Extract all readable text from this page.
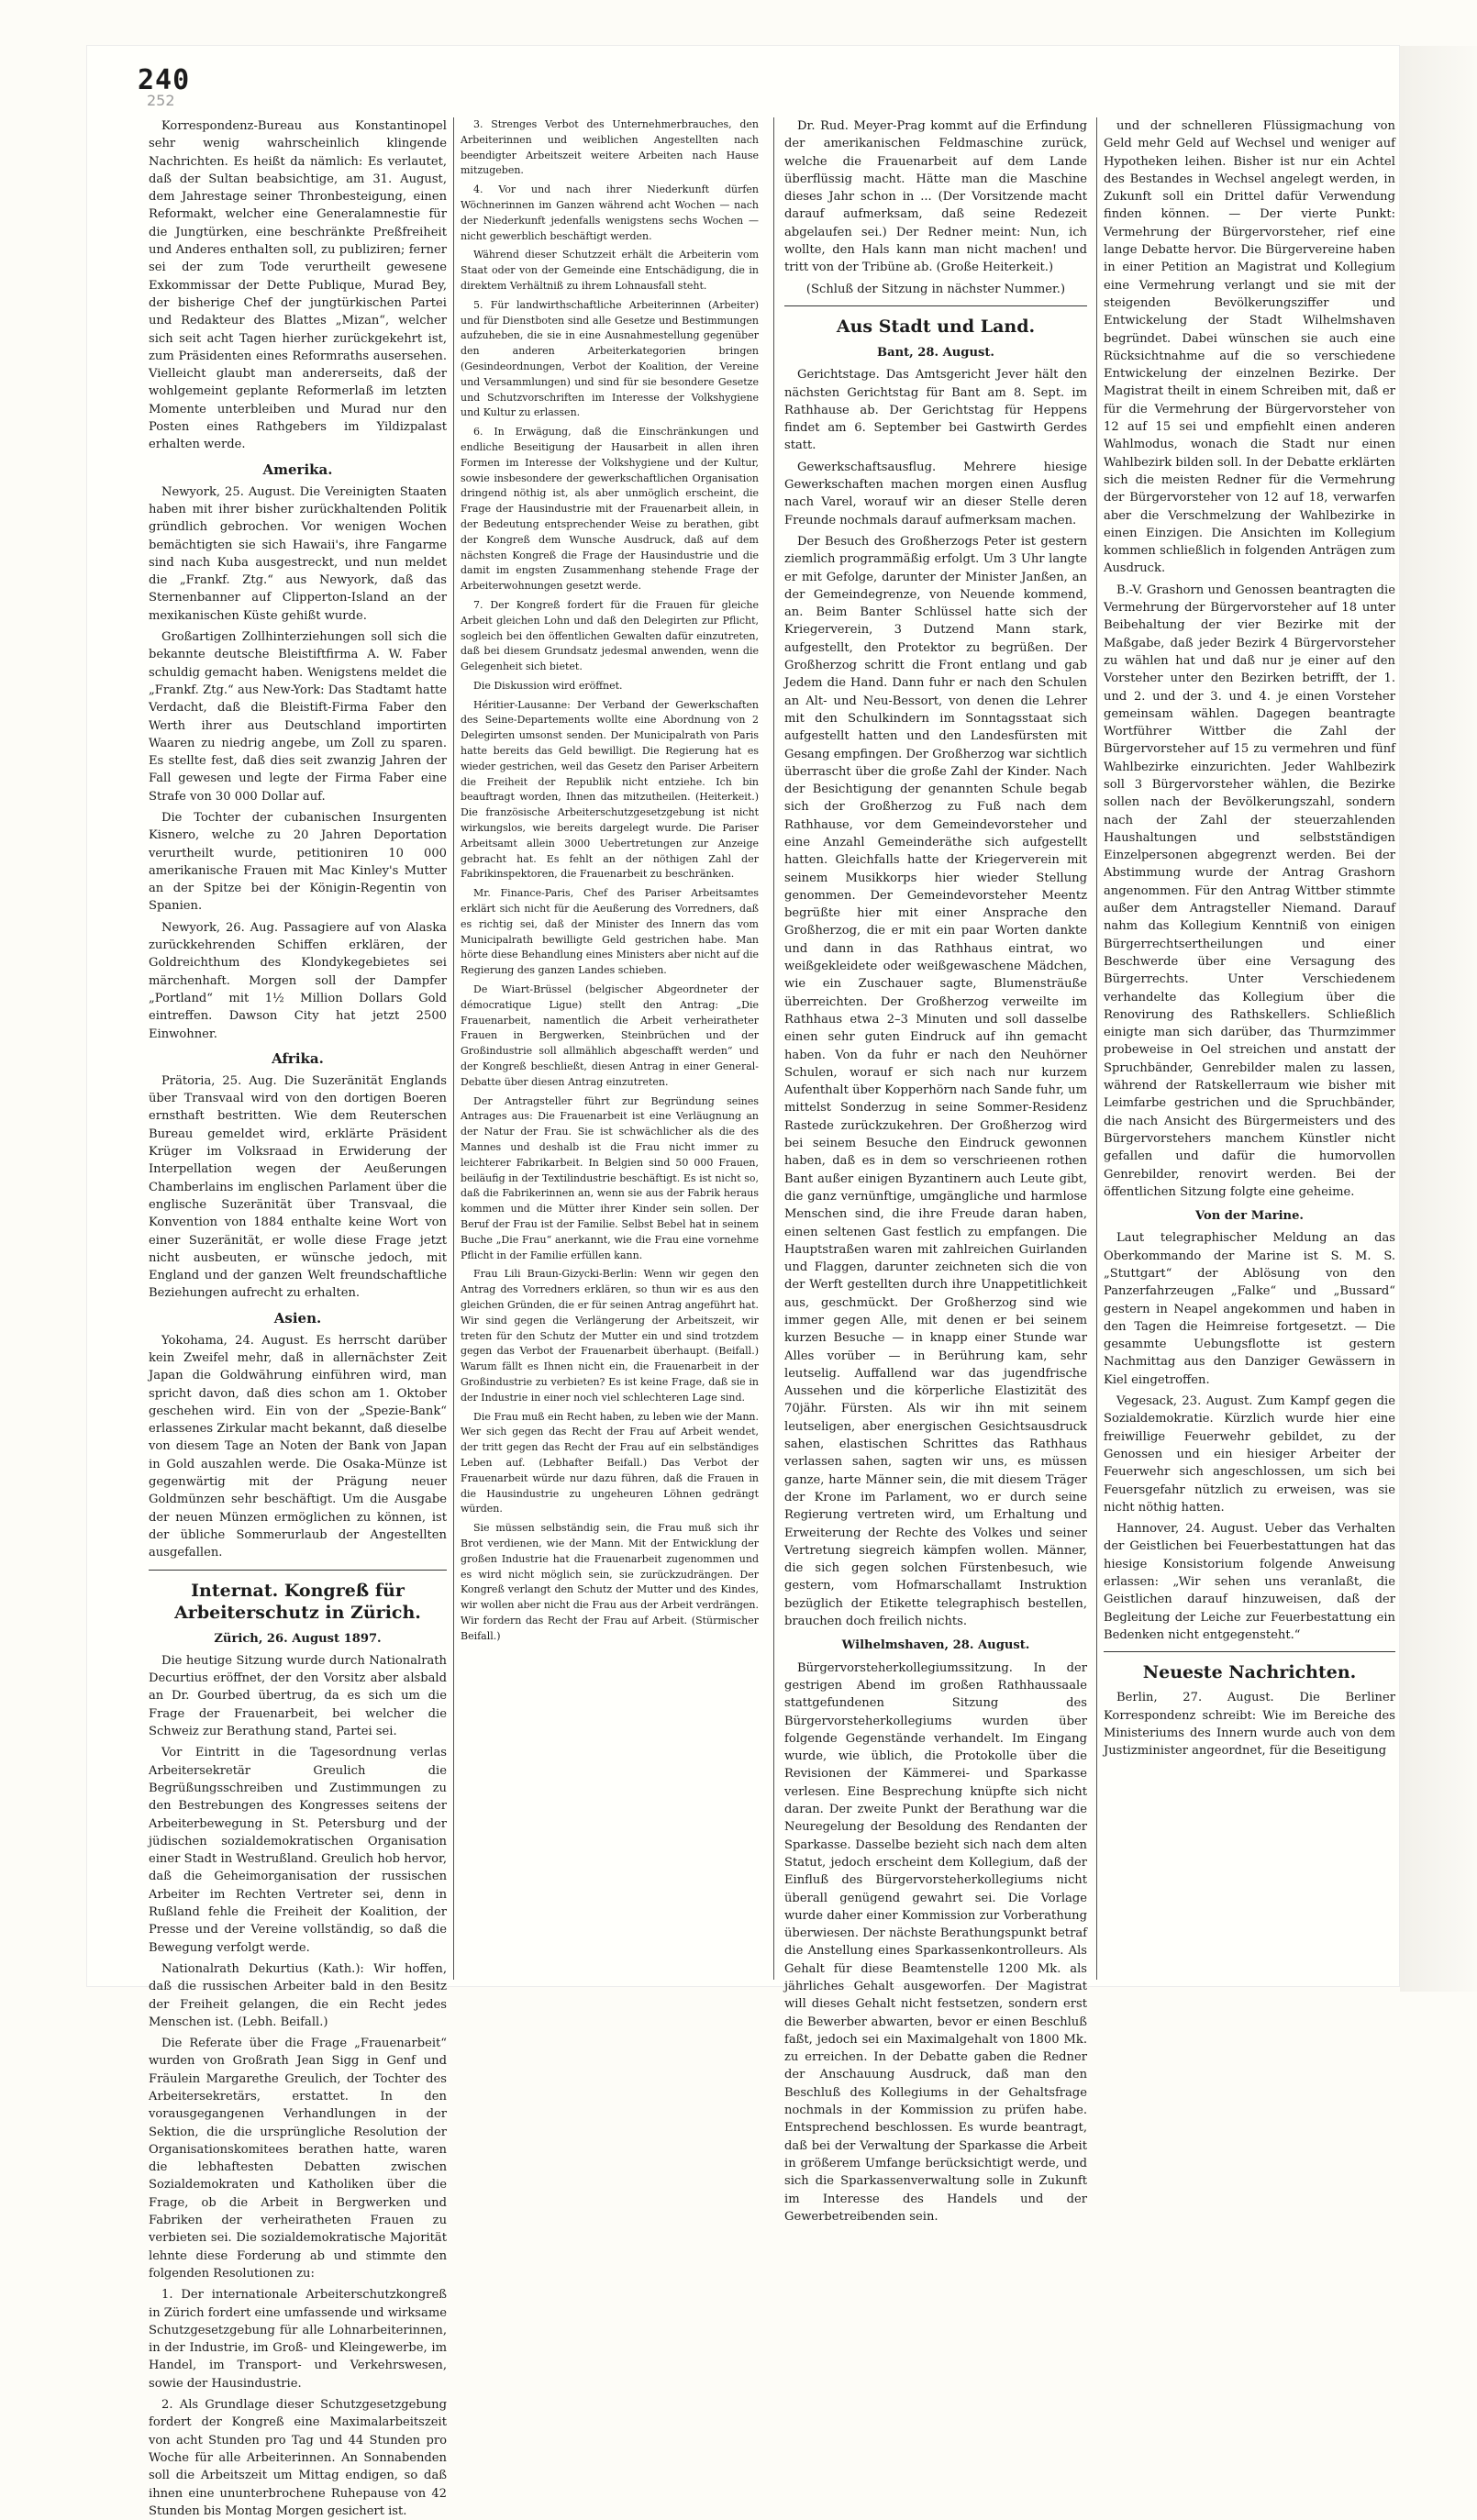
240
252

Korrespondenz-Bureau aus Konstantinopel sehr wenig wahrscheinlich klingende Nachrichten. Es heißt da nämlich: Es verlautet, daß der Sultan beabsichtige, am 31. August, dem Jahrestage seiner Thronbesteigung, einen Reformakt, welcher eine Generalamnestie für die Jungtürken, eine beschränkte Preßfreiheit und Anderes enthalten soll, zu publiziren; ferner sei der zum Tode verurtheilt gewesene Exkommissar der Dette Publique, Murad Bey, der bisherige Chef der jungtürkischen Partei und Redakteur des Blattes „Mizan“, welcher sich seit acht Tagen hierher zurückgekehrt ist, zum Präsidenten eines Reformraths ausersehen. Vielleicht glaubt man andererseits, daß der wohlgemeint geplante Reformerlaß im letzten Momente unterbleiben und Murad nur den Posten eines Rathgebers im Yildizpalast erhalten werde.

Amerika.

Newyork, 25. August. Die Vereinigten Staaten haben mit ihrer bisher zurückhaltenden Politik gründlich gebrochen. Vor wenigen Wochen bemächtigten sie sich Hawaii's, ihre Fangarme sind nach Kuba ausgestreckt, und nun meldet die „Frankf. Ztg.“ aus Newyork, daß das Sternenbanner auf Clipperton-Island an der mexikanischen Küste gehißt wurde.

Großartigen Zollhinterziehungen soll sich die bekannte deutsche Bleistiftfirma A. W. Faber schuldig gemacht haben. Wenigstens meldet die „Frankf. Ztg.“ aus New-York: Das Stadtamt hatte Verdacht, daß die Bleistift-Firma Faber den Werth ihrer aus Deutschland importirten Waaren zu niedrig angebe, um Zoll zu sparen. Es stellte fest, daß dies seit zwanzig Jahren der Fall gewesen und legte der Firma Faber eine Strafe von 30 000 Dollar auf.

Die Tochter der cubanischen Insurgenten Kisnero, welche zu 20 Jahren Deportation verurtheilt wurde, petitioniren 10 000 amerikanische Frauen mit Mac Kinley's Mutter an der Spitze bei der Königin-Regentin von Spanien.

Newyork, 26. Aug. Passagiere auf von Alaska zurückkehrenden Schiffen erklären, der Goldreichthum des Klondykegebietes sei märchenhaft. Morgen soll der Dampfer „Portland“ mit 1½ Million Dollars Gold eintreffen. Dawson City hat jetzt 2500 Einwohner.

Afrika.

Prätoria, 25. Aug. Die Suzeränität Englands über Transvaal wird von den dortigen Boeren ernsthaft bestritten. Wie dem Reuterschen Bureau gemeldet wird, erklärte Präsident Krüger im Volksraad in Erwiderung der Interpellation wegen der Aeußerungen Chamberlains im englischen Parlament über die englische Suzeränität über Transvaal, die Konvention von 1884 enthalte keine Wort von einer Suzeränität, er wolle diese Frage jetzt nicht ausbeuten, er wünsche jedoch, mit England und der ganzen Welt freundschaftliche Beziehungen aufrecht zu erhalten.

Asien.

Yokohama, 24. August. Es herrscht darüber kein Zweifel mehr, daß in allernächster Zeit Japan die Goldwährung einführen wird, man spricht davon, daß dies schon am 1. Oktober geschehen wird. Ein von der „Spezie-Bank“ erlassenes Zirkular macht bekannt, daß dieselbe von diesem Tage an Noten der Bank von Japan in Gold auszahlen werde. Die Osaka-Münze ist gegenwärtig mit der Prägung neuer Goldmünzen sehr beschäftigt. Um die Ausgabe der neuen Münzen ermöglichen zu können, ist der übliche Sommerurlaub der Angestellten ausgefallen.

Internat. Kongreß für Arbeiterschutz in Zürich.
Zürich, 26. August 1897.

Die heutige Sitzung wurde durch Nationalrath Decurtius eröffnet, der den Vorsitz aber alsbald an Dr. Gourbed übertrug, da es sich um die Frage der Frauenarbeit, bei welcher die Schweiz zur Berathung stand, Partei sei.

Vor Eintritt in die Tagesordnung verlas Arbeitersekretär Greulich die Begrüßungsschreiben und Zustimmungen zu den Bestrebungen des Kongresses seitens der Arbeiterbewegung in St. Petersburg und der jüdischen sozialdemokratischen Organisation einer Stadt in Westrußland. Greulich hob hervor, daß die Geheimorganisation der russischen Arbeiter im Rechten Vertreter sei, denn in Rußland fehle die Freiheit der Koalition, der Presse und der Vereine vollständig, so daß die Bewegung verfolgt werde.

Nationalrath Dekurtius (Kath.): Wir hoffen, daß die russischen Arbeiter bald in den Besitz der Freiheit gelangen, die ein Recht jedes Menschen ist. (Lebh. Beifall.)

Die Referate über die Frage „Frauenarbeit“ wurden von Großrath Jean Sigg in Genf und Fräulein Margarethe Greulich, der Tochter des Arbeitersekretärs, erstattet. In den vorausgegangenen Verhandlungen in der Sektion, die die ursprüngliche Resolution der Organisationskomitees berathen hatte, waren die lebhaftesten Debatten zwischen Sozialdemokraten und Katholiken über die Frage, ob die Arbeit in Bergwerken und Fabriken der verheiratheten Frauen zu verbieten sei. Die sozialdemokratische Majorität lehnte diese Forderung ab und stimmte den folgenden Resolutionen zu:

1. Der internationale Arbeiterschutzkongreß in Zürich fordert eine umfassende und wirksame Schutzgesetzgebung für alle Lohnarbeiterinnen, in der Industrie, im Groß- und Kleingewerbe, im Handel, im Transport- und Verkehrswesen, sowie der Hausindustrie.

2. Als Grundlage dieser Schutzgesetzgebung fordert der Kongreß eine Maximalarbeitszeit von acht Stunden pro Tag und 44 Stunden pro Woche für alle Arbeiterinnen. An Sonnabenden soll die Arbeitszeit um Mittag endigen, so daß ihnen eine ununterbrochene Ruhepause von 42 Stunden bis Montag Morgen gesichert ist.

3. Strenges Verbot des Unternehmerbrauches, den Arbeiterinnen und weiblichen Angestellten nach beendigter Arbeitszeit weitere Arbeiten nach Hause mitzugeben.

4. Vor und nach ihrer Niederkunft dürfen Wöchnerinnen im Ganzen während acht Wochen — nach der Niederkunft jedenfalls wenigstens sechs Wochen — nicht gewerblich beschäftigt werden.

Während dieser Schutzzeit erhält die Arbeiterin vom Staat oder von der Gemeinde eine Entschädigung, die in direktem Verhältniß zu ihrem Lohnausfall steht.

5. Für landwirthschaftliche Arbeiterinnen (Arbeiter) und für Dienstboten sind alle Gesetze und Bestimmungen aufzuheben, die sie in eine Ausnahmestellung gegenüber den anderen Arbeiterkategorien bringen (Gesindeordnungen, Verbot der Koalition, der Vereine und Versammlungen) und sind für sie besondere Gesetze und Schutzvorschriften im Interesse der Volkshygiene und Kultur zu erlassen.

6. In Erwägung, daß die Einschränkungen und endliche Beseitigung der Hausarbeit in allen ihren Formen im Interesse der Volkshygiene und der Kultur, sowie insbesondere der gewerkschaftlichen Organisation dringend nöthig ist, als aber unmöglich erscheint, die Frage der Hausindustrie mit der Frauenarbeit allein, in der Bedeutung entsprechender Weise zu berathen, gibt der Kongreß dem Wunsche Ausdruck, daß auf dem nächsten Kongreß die Frage der Hausindustrie und die damit im engsten Zusammenhang stehende Frage der Arbeiterwohnungen gesetzt werde.

7. Der Kongreß fordert für die Frauen für gleiche Arbeit gleichen Lohn und daß den Delegirten zur Pflicht, sogleich bei den öffentlichen Gewalten dafür einzutreten, daß bei diesem Grundsatz jedesmal anwenden, wenn die Gelegenheit sich bietet.

Die Diskussion wird eröffnet.

Héritier-Lausanne: Der Verband der Gewerkschaften des Seine-Departements wollte eine Abordnung von 2 Delegirten umsonst senden. Der Municipalrath von Paris hatte bereits das Geld bewilligt. Die Regierung hat es wieder gestrichen, weil das Gesetz den Pariser Arbeitern die Freiheit der Republik nicht entziehe. Ich bin beauftragt worden, Ihnen das mitzutheilen. (Heiterkeit.) Die französische Arbeiterschutzgesetzgebung ist nicht wirkungslos, wie bereits dargelegt wurde. Die Pariser Arbeitsamt allein 3000 Uebertretungen zur Anzeige gebracht hat. Es fehlt an der nöthigen Zahl der Fabrikinspektoren, die Frauenarbeit zu beschränken.

Mr. Finance-Paris, Chef des Pariser Arbeitsamtes erklärt sich nicht für die Aeußerung des Vorredners, daß es richtig sei, daß der Minister des Innern das vom Municipalrath bewilligte Geld gestrichen habe. Man hörte diese Behandlung eines Ministers aber nicht auf die Regierung des ganzen Landes schieben.

De Wiart-Brüssel (belgischer Abgeordneter der démocratique Ligue) stellt den Antrag: „Die Frauenarbeit, namentlich die Arbeit verheiratheter Frauen in Bergwerken, Steinbrüchen und der Großindustrie soll allmählich abgeschafft werden“ und der Kongreß beschließt, diesen Antrag in einer General-Debatte über diesen Antrag einzutreten.

Der Antragsteller führt zur Begründung seines Antrages aus: Die Frauenarbeit ist eine Verläugnung an der Natur der Frau. Sie ist schwächlicher als die des Mannes und deshalb ist die Frau nicht immer zu leichterer Fabrikarbeit. In Belgien sind 50 000 Frauen, beiläufig in der Textilindustrie beschäftigt. Es ist nicht so, daß die Fabrikerinnen an, wenn sie aus der Fabrik heraus kommen und die Mütter ihrer Kinder sein sollen. Der Beruf der Frau ist der Familie. Selbst Bebel hat in seinem Buche „Die Frau“ anerkannt, wie die Frau eine vornehme Pflicht in der Familie erfüllen kann.

Frau Lili Braun-Gizycki-Berlin: Wenn wir gegen den Antrag des Vorredners erklären, so thun wir es aus den gleichen Gründen, die er für seinen Antrag angeführt hat. Wir sind gegen die Verlängerung der Arbeitszeit, wir treten für den Schutz der Mutter ein und sind trotzdem gegen das Verbot der Frauenarbeit überhaupt. (Beifall.) Warum fällt es Ihnen nicht ein, die Frauenarbeit in der Großindustrie zu verbieten? Es ist keine Frage, daß sie in der Industrie in einer noch viel schlechteren Lage sind.

Die Frau muß ein Recht haben, zu leben wie der Mann. Wer sich gegen das Recht der Frau auf Arbeit wendet, der tritt gegen das Recht der Frau auf ein selbständiges Leben auf. (Lebhafter Beifall.) Das Verbot der Frauenarbeit würde nur dazu führen, daß die Frauen in die Hausindustrie zu ungeheuren Löhnen gedrängt würden.

Sie müssen selbständig sein, die Frau muß sich ihr Brot verdienen, wie der Mann. Mit der Entwicklung der großen Industrie hat die Frauenarbeit zugenommen und es wird nicht möglich sein, sie zurückzudrängen. Der Kongreß verlangt den Schutz der Mutter und des Kindes, wir wollen aber nicht die Frau aus der Arbeit verdrängen. Wir fordern das Recht der Frau auf Arbeit. (Stürmischer Beifall.)

Dr. Rud. Meyer-Prag kommt auf die Erfindung der amerikanischen Feldmaschine zurück, welche die Frauenarbeit auf dem Lande überflüssig macht. Hätte man die Maschine dieses Jahr schon in ... (Der Vorsitzende macht darauf aufmerksam, daß seine Redezeit abgelaufen sei.) Der Redner meint: Nun, ich wollte, den Hals kann man nicht machen! und tritt von der Tribüne ab. (Große Heiterkeit.)

(Schluß der Sitzung in nächster Nummer.)

Aus Stadt und Land.
Bant, 28. August.

Gerichtstage. Das Amtsgericht Jever hält den nächsten Gerichtstag für Bant am 8. Sept. im Rathhause ab. Der Gerichtstag für Heppens findet am 6. September bei Gastwirth Gerdes statt.

Gewerkschaftsausflug. Mehrere hiesige Gewerkschaften machen morgen einen Ausflug nach Varel, worauf wir an dieser Stelle deren Freunde nochmals darauf aufmerksam machen.

Der Besuch des Großherzogs Peter ist gestern ziemlich programmäßig erfolgt. Um 3 Uhr langte er mit Gefolge, darunter der Minister Janßen, an der Gemeindegrenze, von Neuende kommend, an. Beim Banter Schlüssel hatte sich der Kriegerverein, 3 Dutzend Mann stark, aufgestellt, den Protektor zu begrüßen. Der Großherzog schritt die Front entlang und gab Jedem die Hand. Dann fuhr er nach den Schulen an Alt- und Neu-Bessort, von denen die Lehrer mit den Schulkindern im Sonntagsstaat sich aufgestellt hatten und den Landesfürsten mit Gesang empfingen. Der Großherzog war sichtlich überrascht über die große Zahl der Kinder. Nach der Besichtigung der genannten Schule begab sich der Großherzog zu Fuß nach dem Rathhause, vor dem Gemeindevorsteher und eine Anzahl Gemeinderäthe sich aufgestellt hatten. Gleichfalls hatte der Kriegerverein mit seinem Musikkorps hier wieder Stellung genommen. Der Gemeindevorsteher Meentz begrüßte hier mit einer Ansprache den Großherzog, die er mit ein paar Worten dankte und dann in das Rathhaus eintrat, wo weißgekleidete oder weißgewaschene Mädchen, wie ein Zuschauer sagte, Blumensträuße überreichten. Der Großherzog verweilte im Rathhaus etwa 2–3 Minuten und soll dasselbe einen sehr guten Eindruck auf ihn gemacht haben. Von da fuhr er nach den Neuhörner Schulen, worauf er sich nach nur kurzem Aufenthalt über Kopperhörn nach Sande fuhr, um mittelst Sonderzug in seine Sommer-Residenz Rastede zurückzukehren. Der Großherzog wird bei seinem Besuche den Eindruck gewonnen haben, daß es in dem so verschrieenen rothen Bant außer einigen Byzantinern auch Leute gibt, die ganz vernünftige, umgängliche und harmlose Menschen sind, die ihre Freude daran haben, einen seltenen Gast festlich zu empfangen. Die Hauptstraßen waren mit zahlreichen Guirlanden und Flaggen, darunter zeichneten sich die von der Werft gestellten durch ihre Unappetitlichkeit aus, geschmückt. Der Großherzog sind wie immer gegen Alle, mit denen er bei seinem kurzen Besuche — in knapp einer Stunde war Alles vorüber — in Berührung kam, sehr leutselig. Auffallend war das jugendfrische Aussehen und die körperliche Elastizität des 70jähr. Fürsten. Als wir ihn mit seinem leutseligen, aber energischen Gesichtsausdruck sahen, elastischen Schrittes das Rathhaus verlassen sahen, sagten wir uns, es müssen ganze, harte Männer sein, die mit diesem Träger der Krone im Parlament, wo er durch seine Regierung vertreten wird, um Erhaltung und Erweiterung der Rechte des Volkes und seiner Vertretung siegreich kämpfen wollen. Männer, die sich gegen solchen Fürstenbesuch, wie gestern, vom Hofmarschallamt Instruktion bezüglich der Etikette telegraphisch bestellen, brauchen doch freilich nichts.

Wilhelmshaven, 28. August.

Bürgervorsteherkollegiumssitzung. In der gestrigen Abend im großen Rathhaussaale stattgefundenen Sitzung des Bürgervorsteherkollegiums wurden über folgende Gegenstände verhandelt. Im Eingang wurde, wie üblich, die Protokolle über die Revisionen der Kämmerei- und Sparkasse verlesen. Eine Besprechung knüpfte sich nicht daran. Der zweite Punkt der Berathung war die Neuregelung der Besoldung des Rendanten der Sparkasse. Dasselbe bezieht sich nach dem alten Statut, jedoch erscheint dem Kollegium, daß der Einfluß des Bürgervorsteherkollegiums nicht überall genügend gewahrt sei. Die Vorlage wurde daher einer Kommission zur Vorberathung überwiesen. Der nächste Berathungspunkt betraf die Anstellung eines Sparkassenkontrolleurs. Als Gehalt für diese Beamtenstelle 1200 Mk. als jährliches Gehalt ausgeworfen. Der Magistrat will dieses Gehalt nicht festsetzen, sondern erst die Bewerber abwarten, bevor er einen Beschluß faßt, jedoch sei ein Maximalgehalt von 1800 Mk. zu erreichen. In der Debatte gaben die Redner der Anschauung Ausdruck, daß man den Beschluß des Kollegiums in der Gehaltsfrage nochmals in der Kommission zu prüfen habe. Entsprechend beschlossen. Es wurde beantragt, daß bei der Verwaltung der Sparkasse die Arbeit in größerem Umfange berücksichtigt werde, und sich die Sparkassenverwaltung solle in Zukunft im Interesse des Handels und der Gewerbetreibenden sein.

und der schnelleren Flüssigmachung von Geld mehr Geld auf Wechsel und weniger auf Hypotheken leihen. Bisher ist nur ein Achtel des Bestandes in Wechsel angelegt werden, in Zukunft soll ein Drittel dafür Verwendung finden können. — Der vierte Punkt: Vermehrung der Bürgervorsteher, rief eine lange Debatte hervor. Die Bürgervereine haben in einer Petition an Magistrat und Kollegium eine Vermehrung verlangt und sie mit der steigenden Bevölkerungsziffer und Entwickelung der Stadt Wilhelmshaven begründet. Dabei wünschen sie auch eine Rücksichtnahme auf die so verschiedene Entwickelung der einzelnen Bezirke. Der Magistrat theilt in einem Schreiben mit, daß er für die Vermehrung der Bürgervorsteher von 12 auf 15 sei und empfiehlt einen anderen Wahlmodus, wonach die Stadt nur einen Wahlbezirk bilden soll. In der Debatte erklärten sich die meisten Redner für die Vermehrung der Bürgervorsteher von 12 auf 18, verwarfen aber die Verschmelzung der Wahlbezirke in einen Einzigen. Die Ansichten im Kollegium kommen schließlich in folgenden Anträgen zum Ausdruck.

B.-V. Grashorn und Genossen beantragten die Vermehrung der Bürgervorsteher auf 18 unter Beibehaltung der vier Bezirke mit der Maßgabe, daß jeder Bezirk 4 Bürgervorsteher zu wählen hat und daß nur je einer auf den Vorsteher unter den Bezirken betrifft, der 1. und 2. und der 3. und 4. je einen Vorsteher gemeinsam wählen. Dagegen beantragte Wortführer Wittber die Zahl der Bürgervorsteher auf 15 zu vermehren und fünf Wahlbezirke einzurichten. Jeder Wahlbezirk soll 3 Bürgervorsteher wählen, die Bezirke sollen nach der Bevölkerungszahl, sondern nach der Zahl der steuerzahlenden Haushaltungen und selbstständigen Einzelpersonen abgegrenzt werden. Bei der Abstimmung wurde der Antrag Grashorn angenommen. Für den Antrag Wittber stimmte außer dem Antragsteller Niemand. Darauf nahm das Kollegium Kenntniß von einigen Bürgerrechtsertheilungen und einer Beschwerde über eine Versagung des Bürgerrechts. Unter Verschiedenem verhandelte das Kollegium über die Renovirung des Rathskellers. Schließlich einigte man sich darüber, das Thurmzimmer probeweise in Oel streichen und anstatt der Spruchbänder, Genrebilder malen zu lassen, während der Ratskellerraum wie bisher mit Leimfarbe gestrichen und die Spruchbänder, die nach Ansicht des Bürgermeisters und des Bürgervorstehers manchem Künstler nicht gefallen und dafür die humorvollen Genrebilder, renovirt werden. Bei der öffentlichen Sitzung folgte eine geheime.

Von der Marine.

Laut telegraphischer Meldung an das Oberkommando der Marine ist S. M. S. „Stuttgart“ der Ablösung von den Panzerfahrzeugen „Falke“ und „Bussard“ gestern in Neapel angekommen und haben in den Tagen die Heimreise fortgesetzt. — Die gesammte Uebungsflotte ist gestern Nachmittag aus den Danziger Gewässern in Kiel eingetroffen.

Vegesack, 23. August. Zum Kampf gegen die Sozialdemokratie. Kürzlich wurde hier eine freiwillige Feuerwehr gebildet, zu der Genossen und ein hiesiger Arbeiter der Feuerwehr sich angeschlossen, um sich bei Feuersgefahr nützlich zu erweisen, was sie nicht nöthig hatten.

Hannover, 24. August. Ueber das Verhalten der Geistlichen bei Feuerbestattungen hat das hiesige Konsistorium folgende Anweisung erlassen: „Wir sehen uns veranlaßt, die Geistlichen darauf hinzuweisen, daß der Begleitung der Leiche zur Feuerbestattung ein Bedenken nicht entgegensteht.“

Neueste Nachrichten.

Berlin, 27. August. Die Berliner Korrespondenz schreibt: Wie im Bereiche des Ministeriums des Innern wurde auch von dem Justizminister angeordnet, für die Beseitigung
